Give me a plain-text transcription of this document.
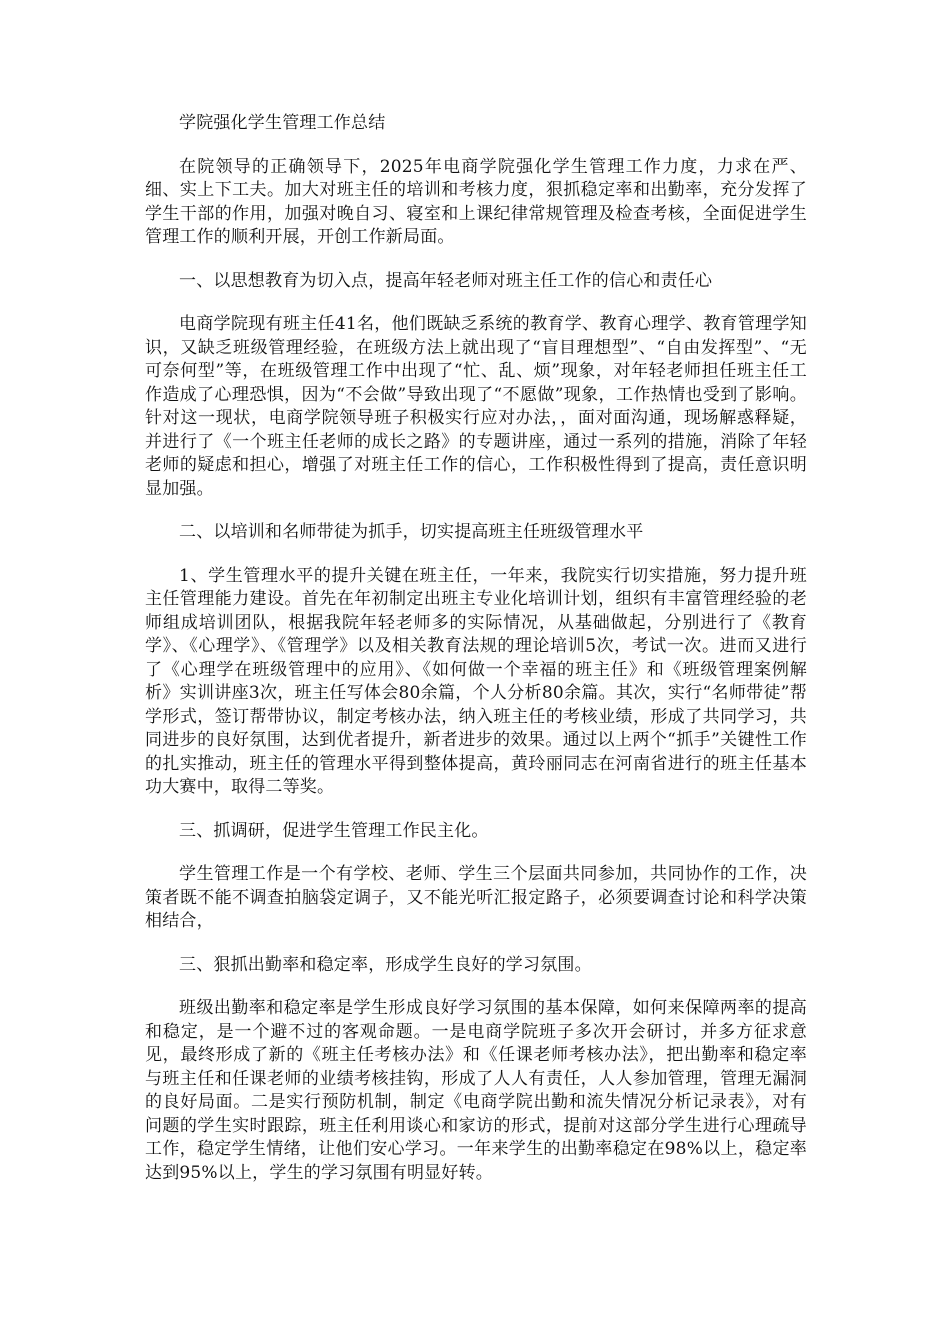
学院强化学生管理工作总结

在院领导的正确领导下，2025年电商学院强化学生管理工作力度，力求在严、细、实上下工夫。加大对班主任的培训和考核力度，狠抓稳定率和出勤率，充分发挥了学生干部的作用，加强对晚自习、寝室和上课纪律常规管理及检查考核，全面促进学生管理工作的顺利开展，开创工作新局面。

一、以思想教育为切入点，提高年轻老师对班主任工作的信心和责任心

电商学院现有班主任41名，他们既缺乏系统的教育学、教育心理学、教育管理学知识，又缺乏班级管理经验，在班级方法上就出现了“盲目理想型”、“自由发挥型”、“无可奈何型”等，在班级管理工作中出现了“忙、乱、烦”现象，对年轻老师担任班主任工作造成了心理恐惧，因为“不会做”导致出现了“不愿做”现象，工作热情也受到了影响。针对这一现状，电商学院领导班子积极实行应对办法，，面对面沟通，现场解惑释疑，并进行了《一个班主任老师的成长之路》的专题讲座，通过一系列的措施，消除了年轻老师的疑虑和担心，增强了对班主任工作的信心，工作积极性得到了提高，责任意识明显加强。

二、以培训和名师带徒为抓手，切实提高班主任班级管理水平

1、学生管理水平的提升关键在班主任，一年来，我院实行切实措施，努力提升班主任管理能力建设。首先在年初制定出班主专业化培训计划，组织有丰富管理经验的老师组成培训团队，根据我院年轻老师多的实际情况，从基础做起，分别进行了《教育学》、《心理学》、《管理学》以及相关教育法规的理论培训5次，考试一次。进而又进行了《心理学在班级管理中的应用》、《如何做一个幸福的班主任》和《班级管理案例解析》实训讲座3次，班主任写体会80余篇，个人分析80余篇。其次，实行“名师带徒”帮学形式，签订帮带协议，制定考核办法，纳入班主任的考核业绩，形成了共同学习，共同进步的良好氛围，达到优者提升，新者进步的效果。通过以上两个“抓手”关键性工作的扎实推动，班主任的管理水平得到整体提高，黄玲丽同志在河南省进行的班主任基本功大赛中，取得二等奖。

三、抓调研，促进学生管理工作民主化。

学生管理工作是一个有学校、老师、学生三个层面共同参加，共同协作的工作，决策者既不能不调查拍脑袋定调子，又不能光听汇报定路子，必须要调查讨论和科学决策相结合，

三、狠抓出勤率和稳定率，形成学生良好的学习氛围。

班级出勤率和稳定率是学生形成良好学习氛围的基本保障，如何来保障两率的提高和稳定，是一个避不过的客观命题。一是电商学院班子多次开会研讨，并多方征求意见，最终形成了新的《班主任考核办法》和《任课老师考核办法》，把出勤率和稳定率与班主任和任课老师的业绩考核挂钩，形成了人人有责任，人人参加管理，管理无漏洞的良好局面。二是实行预防机制，制定《电商学院出勤和流失情况分析记录表》，对有问题的学生实时跟踪，班主任利用谈心和家访的形式，提前对这部分学生进行心理疏导工作，稳定学生情绪，让他们安心学习。一年来学生的出勤率稳定在98%以上，稳定率达到95%以上，学生的学习氛围有明显好转。
